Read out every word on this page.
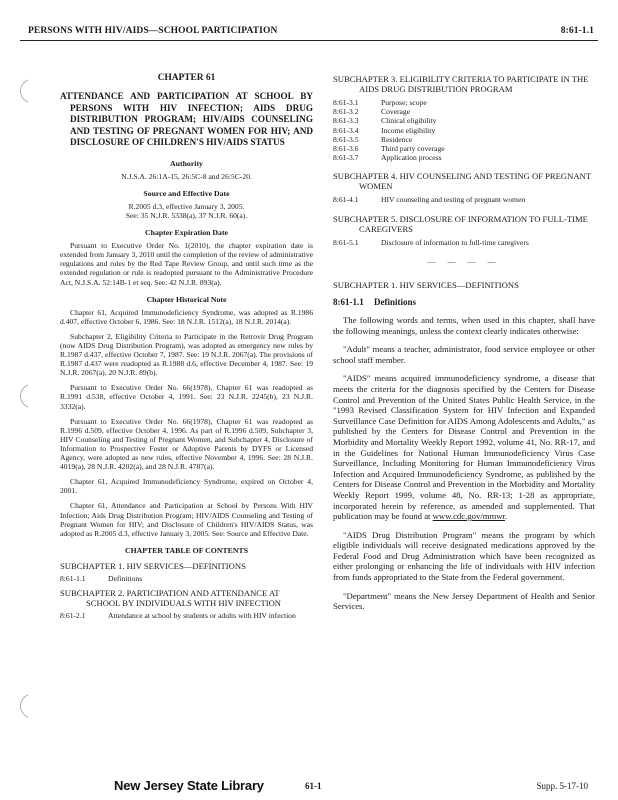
PERSONS WITH HIV/AIDS—SCHOOL PARTICIPATION	8:61-1.1
CHAPTER 61
ATTENDANCE AND PARTICIPATION AT SCHOOL BY PERSONS WITH HIV INFECTION; AIDS DRUG DISTRIBUTION PROGRAM; HIV/AIDS COUNSELING AND TESTING OF PREGNANT WOMEN FOR HIV; AND DISCLOSURE OF CHILDREN'S HIV/AIDS STATUS
Authority
N.J.S.A. 26:1A-15, 26:5C-8 and 26:5C-20.
Source and Effective Date
R.2005 d.3, effective January 3, 2005.
See: 35 N.J.R. 5338(a), 37 N.J.R. 60(a).
Chapter Expiration Date
Pursuant to Executive Order No. 1(2010), the chapter expiration date is extended from January 3, 2010 until the completion of the review of administrative regulations and rules by the Red Tape Review Group, and until such time as the extended regulation or rule is readopted pursuant to the Administrative Procedure Act, N.J.S.A. 52:14B-1 et seq. See: 42 N.J.R. 893(a).
Chapter Historical Note
Chapter 61, Acquired Immunodeficiency Syndrome, was adopted as R.1986 d.407, effective October 6, 1986. See: 18 N.J.R. 1512(a), 18 N.J.R. 2014(a).
Subchapter 2, Eligibility Criteria to Participate in the Retrovir Drug Program (now AIDS Drug Distribution Program), was adopted as emergency new rules by R.1987 d.437, effective October 7, 1987. See: 19 N.J.R. 2067(a). The provisions of R.1987 d.437 were readopted as R.1988 d.6, effective December 4, 1987. See: 19 N.J.R. 2067(a), 20 N.J.R. 89(b).
Pursuant to Executive Order No. 66(1978), Chapter 61 was readopted as R.1991 d.538, effective October 4, 1991. See: 23 N.J.R. 2245(b), 23 N.J.R. 3332(a).
Pursuant to Executive Order No. 66(1978), Chapter 61 was readopted as R.1996 d.509, effective October 4, 1996. As part of R.1996 d.509, Subchapter 3, HIV Counseling and Testing of Pregnant Women, and Subchapter 4, Disclosure of Information to Prospective Foster or Adoptive Parents by DYFS or Licensed Agency, were adopted as new rules, effective November 4, 1996. See: 28 N.J.R. 4019(a), 28 N.J.R. 4202(a), and 28 N.J.R. 4787(a).
Chapter 61, Acquired Immunodeficiency Syndrome, expired on October 4, 2001.
Chapter 61, Attendance and Participation at School by Persons With HIV Infection; Aids Drug Distribution Program; HIV/AIDS Counseling and Testing of Pregnant Women for HIV; and Disclosure of Children's HIV/AIDS Status, was adopted as R.2005 d.3, effective January 3, 2005. See: Source and Effective Date.
CHAPTER TABLE OF CONTENTS
SUBCHAPTER 1. HIV SERVICES—DEFINITIONS
8:61-1.1	Definitions
SUBCHAPTER 2. PARTICIPATION AND ATTENDANCE AT SCHOOL BY INDIVIDUALS WITH HIV INFECTION
8:61-2.1	Attendance at school by students or adults with HIV infection
SUBCHAPTER 3. ELIGIBILITY CRITERIA TO PARTICIPATE IN THE AIDS DRUG DISTRIBUTION PROGRAM
8:61-3.1	Purpose; scope
8:61-3.2	Coverage
8:61-3.3	Clinical eligibility
8:61-3.4	Income eligibility
8:61-3.5	Residence
8:61-3.6	Third party coverage
8:61-3.7	Application process
SUBCHAPTER 4. HIV COUNSELING AND TESTING OF PREGNANT WOMEN
8:61-4.1	HIV counseling and testing of pregnant women
SUBCHAPTER 5. DISCLOSURE OF INFORMATION TO FULL-TIME CAREGIVERS
8:61-5.1	Disclosure of information to full-time caregivers
— — — —
SUBCHAPTER 1. HIV SERVICES—DEFINITIONS
8:61-1.1 Definitions
The following words and terms, when used in this chapter, shall have the following meanings, unless the context clearly indicates otherwise:
"Adult" means a teacher, administrator, food service employee or other school staff member.
"AIDS" means acquired immunodeficiency syndrome, a disease that meets the criteria for the diagnosis specified by the Centers for Disease Control and Prevention of the United States Public Health Service, in the "1993 Revised Classification System for HIV Infection and Expanded Surveillance Case Definition for AIDS Among Adolescents and Adults," as published by the Centers for Disease Control and Prevention in the Morbidity and Mortality Weekly Report 1992, volume 41, No. RR-17, and in the Guidelines for National Human Immunodeficiency Virus Case Surveillance, Including Monitoring for Human Immunodeficiency Virus Infection and Acquired Immunodeficiency Syndrome, as published by the Centers for Disease Control and Prevention in the Morbidity and Mortality Weekly Report 1999, volume 48, No. RR-13; 1-28 as appropriate, incorporated herein by reference, as amended and supplemented. That publication may be found at www.cdc.gov/mmwr.
"AIDS Drug Distribution Program" means the program by which eligible individuals will receive designated medications approved by the Federal Food and Drug Administration which have been recognized as either prolonging or enhancing the life of individuals with HIV infection from funds appropriated to the State from the Federal government.
"Department" means the New Jersey Department of Health and Senior Services.
New Jersey State Library	61-1	Supp. 5-17-10
